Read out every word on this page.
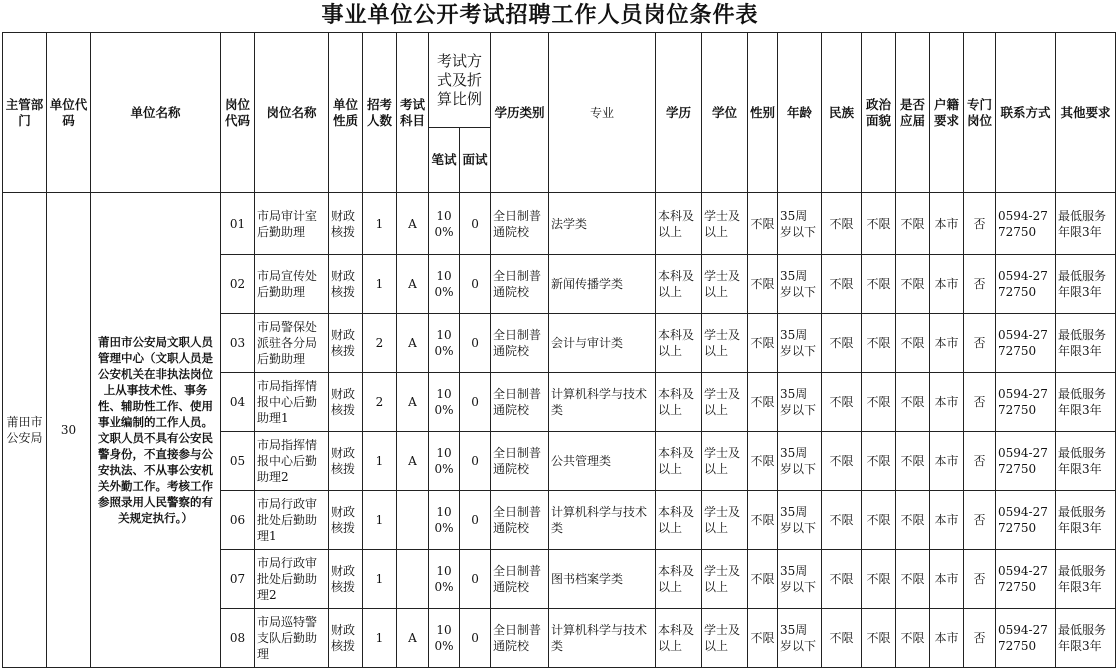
事业单位公开考试招聘工作人员岗位条件表
主管部门	单位代码	单位名称	岗位代码	岗位名称	单位性质	招考人数	考试科目	考试方式及折算比例		学历类别	专业	学历	学位	性别	年龄	民族	政治面貌	是否应届	户籍要求	专门岗位	联系方式	其他要求
								笔试	面试													
莆田市公安局	30	莆田市公安局文职人员管理中心（文职人员是公安机关在非执法岗位上从事技术性、事务性、辅助性工作、使用事业编制的工作人员。文职人员不具有公安民警身份，不直接参与公安执法、不从事公安机关外勤工作。考核工作参照录用人民警察的有关规定执行。）	01	市局审计室后勤助理	财政核拨	1	A	100%	0	全日制普通院校	法学类	本科及以上	学士及以上	不限	35周岁以下	不限	不限	不限	本市	否	0594-2772750	最低服务年限3年
			02	市局宣传处后勤助理	财政核拨	1	A	100%	0	全日制普通院校	新闻传播学类	本科及以上	学士及以上	不限	35周岁以下	不限	不限	不限	本市	否	0594-2772750	最低服务年限3年
			03	市局警保处派驻各分局后勤助理	财政核拨	2	A	100%	0	全日制普通院校	会计与审计类	本科及以上	学士及以上	不限	35周岁以下	不限	不限	不限	本市	否	0594-2772750	最低服务年限3年
			04	市局指挥情报中心后勤助理1	财政核拨	2	A	100%	0	全日制普通院校	计算机科学与技术类	本科及以上	学士及以上	不限	35周岁以下	不限	不限	不限	本市	否	0594-2772750	最低服务年限3年
			05	市局指挥情报中心后勤助理2	财政核拨	1	A	100%	0	全日制普通院校	公共管理类	本科及以上	学士及以上	不限	35周岁以下	不限	不限	不限	本市	否	0594-2772750	最低服务年限3年
			06	市局行政审批处后勤助理1	财政核拨	1		100%	0	全日制普通院校	计算机科学与技术类	本科及以上	学士及以上	不限	35周岁以下	不限	不限	不限	本市	否	0594-2772750	最低服务年限3年
			07	市局行政审批处后勤助理2	财政核拨	1		100%	0	全日制普通院校	图书档案学类	本科及以上	学士及以上	不限	35周岁以下	不限	不限	不限	本市	否	0594-2772750	最低服务年限3年
			08	市局巡特警支队后勤助理	财政核拨	1	A	100%	0	全日制普通院校	计算机科学与技术类	本科及以上	学士及以上	不限	35周岁以下	不限	不限	不限	本市	否	0594-2772750	最低服务年限3年
